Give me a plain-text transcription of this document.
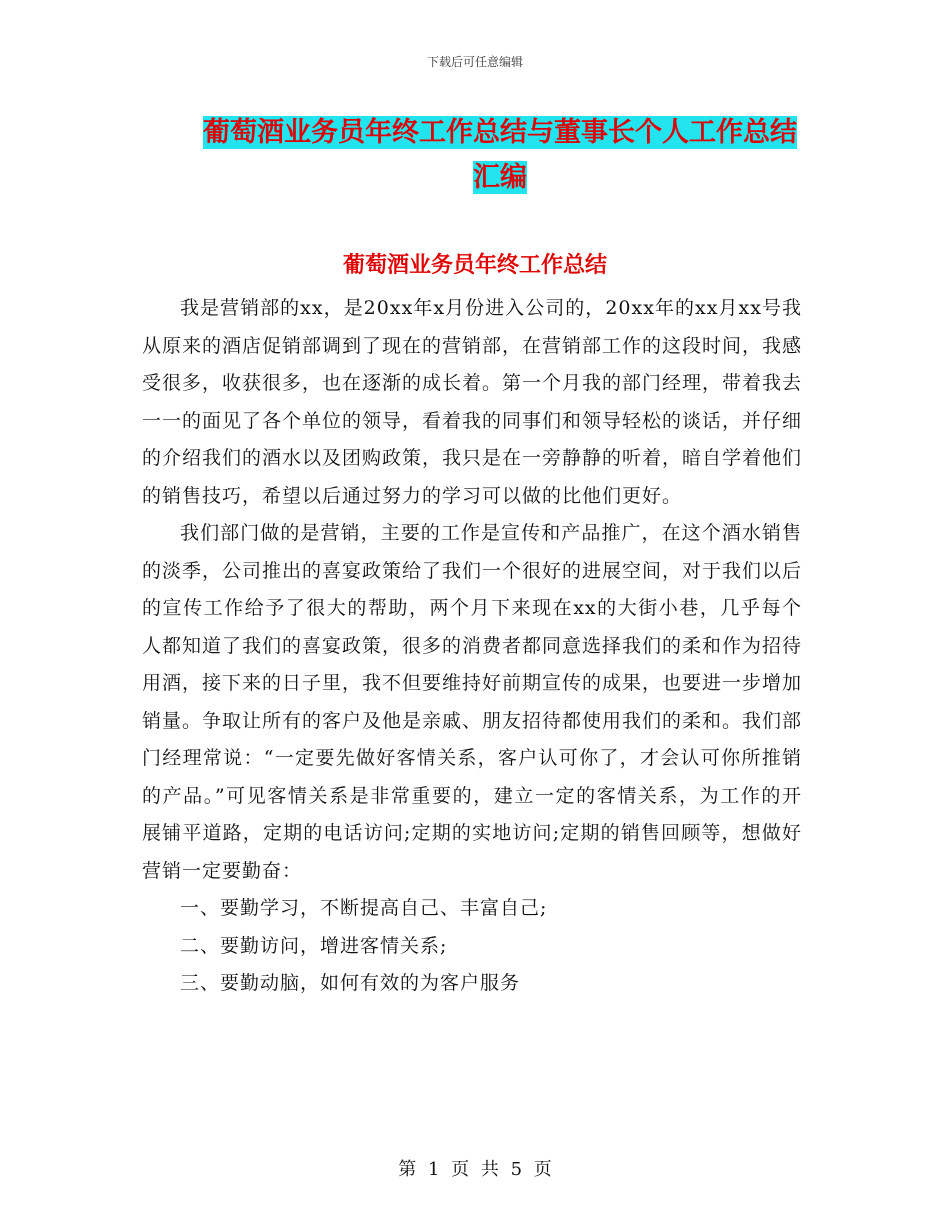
下载后可任意编辑
葡萄酒业务员年终工作总结与董事长个人工作总结汇编
葡萄酒业务员年终工作总结

我是营销部的xx，是20xx年x月份进入公司的，20xx年的xx月xx号我从原来的酒店促销部调到了现在的营销部，在营销部工作的这段时间，我感受很多，收获很多，也在逐渐的成长着。第一个月我的部门经理，带着我去一一的面见了各个单位的领导，看着我的同事们和领导轻松的谈话，并仔细的介绍我们的酒水以及团购政策，我只是在一旁静静的听着，暗自学着他们的销售技巧，希望以后通过努力的学习可以做的比他们更好。

我们部门做的是营销，主要的工作是宣传和产品推广，在这个酒水销售的淡季，公司推出的喜宴政策给了我们一个很好的进展空间，对于我们以后的宣传工作给予了很大的帮助，两个月下来现在xx的大街小巷，几乎每个人都知道了我们的喜宴政策，很多的消费者都同意选择我们的柔和作为招待用酒，接下来的日子里，我不但要维持好前期宣传的成果，也要进一步增加销量。争取让所有的客户及他是亲戚、朋友招待都使用我们的柔和。我们部门经理常说：“一定要先做好客情关系，客户认可你了，才会认可你所推销的产品。”可见客情关系是非常重要的，建立一定的客情关系，为工作的开展铺平道路，定期的电话访问;定期的实地访问;定期的销售回顾等，想做好营销一定要勤奋：

一、要勤学习，不断提高自己、丰富自己;

二、要勤访问，增进客情关系;

三、要勤动脑，如何有效的为客户服务

第 1 页 共 5 页
